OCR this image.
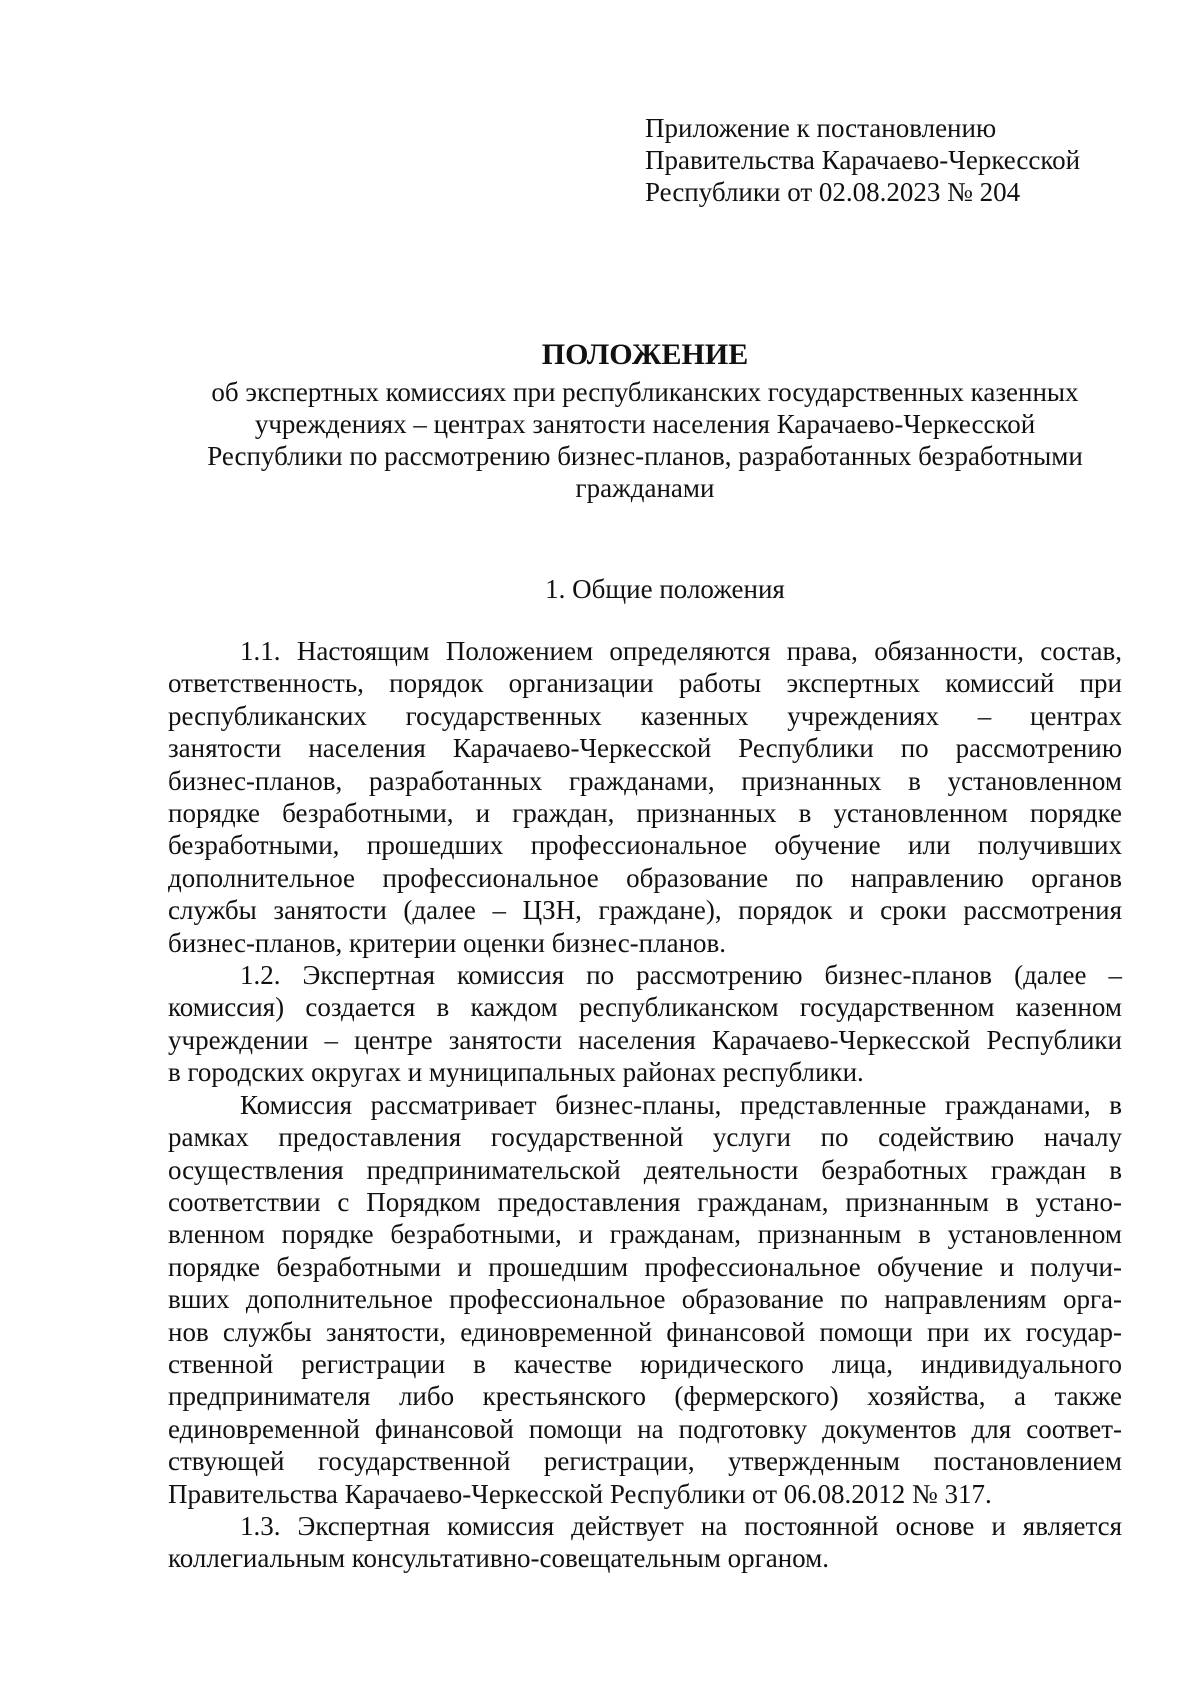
Приложение к постановлению
Правительства Карачаево-Черкесской
Республики от 02.08.2023 № 204
ПОЛОЖЕНИЕ
об экспертных комиссиях при республиканских государственных казенных
учреждениях – центрах занятости населения Карачаево-Черкесской
Республики по рассмотрению бизнес-планов, разработанных безработными
гражданами
1. Общие положения

1.1. Настоящим Положением определяются права, обязанности, состав,

ответственность, порядок организации работы экспертных комиссий при

республиканских государственных казенных учреждениях – центрах

занятости населения Карачаево-Черкесской Республики по рассмотрению

бизнес-планов, разработанных гражданами, признанных в установленном

порядке безработными, и граждан, признанных в установленном порядке

безработными, прошедших профессиональное обучение или получивших

дополнительное профессиональное образование по направлению органов

службы занятости (далее – ЦЗН, граждане), порядок и сроки рассмотрения

бизнес-планов, критерии оценки бизнес-планов.

1.2. Экспертная комиссия по рассмотрению бизнес-планов (далее –

комиссия) создается в каждом республиканском государственном казенном

учреждении – центре занятости населения Карачаево-Черкесской Республики

в городских округах и муниципальных районах республики.

Комиссия рассматривает бизнес-планы, представленные гражданами, в

рамках предоставления государственной услуги по содействию началу

осуществления предпринимательской деятельности безработных граждан в

соответствии с Порядком предоставления гражданам, признанным в устано-

вленном порядке безработными, и гражданам, признанным в установленном

порядке безработными и прошедшим профессиональное обучение и получи-

вших дополнительное профессиональное образование по направлениям орга-

нов службы занятости, единовременной финансовой помощи при их государ-

ственной регистрации в качестве юридического лица, индивидуального

предпринимателя либо крестьянского (фермерского) хозяйства, а также

единовременной финансовой помощи на подготовку документов для соответ-

ствующей государственной регистрации, утвержденным постановлением

Правительства Карачаево-Черкесской Республики от 06.08.2012 № 317.

1.3. Экспертная комиссия действует на постоянной основе и является

коллегиальным консультативно-совещательным органом.
